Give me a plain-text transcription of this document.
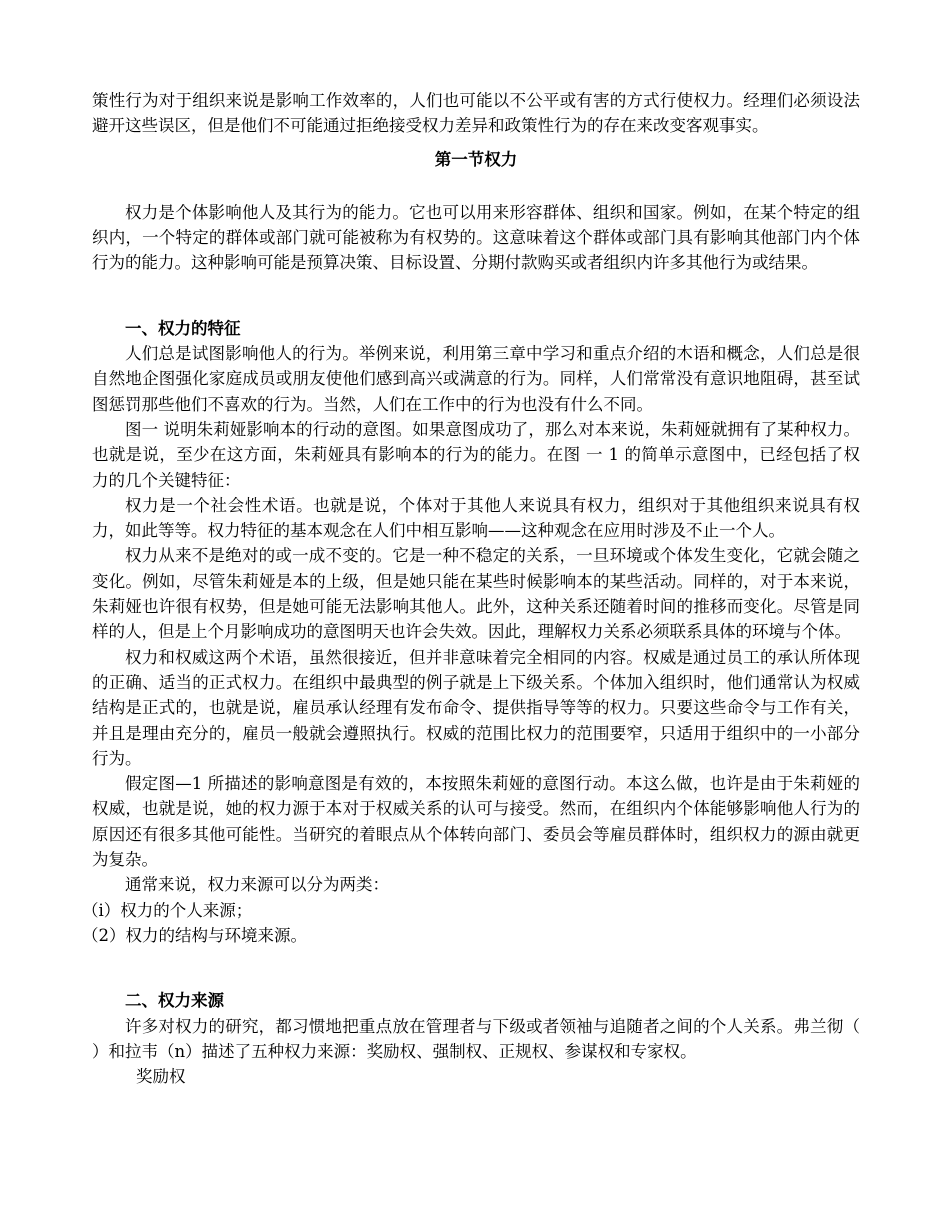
策性行为对于组织来说是影响工作效率的，人们也可能以不公平或有害的方式行使权力。经理们必须设法避开这些误区，但是他们不可能通过拒绝接受权力差异和政策性行为的存在来改变客观事实。

第一节权力

权力是个体影响他人及其行为的能力。它也可以用来形容群体、组织和国家。例如，在某个特定的组织内，一个特定的群体或部门就可能被称为有权势的。这意味着这个群体或部门具有影响其他部门内个体行为的能力。这种影响可能是预算决策、目标设置、分期付款购买或者组织内许多其他行为或结果。

一、权力的特征

人们总是试图影响他人的行为。举例来说，利用第三章中学习和重点介绍的木语和概念，人们总是很自然地企图强化家庭成员或朋友使他们感到高兴或满意的行为。同样，人们常常没有意识地阻碍，甚至试图惩罚那些他们不喜欢的行为。当然，人们在工作中的行为也没有什么不同。

图一 说明朱莉娅影响本的行动的意图。如果意图成功了，那么对本来说，朱莉娅就拥有了某种权力。也就是说，至少在这方面，朱莉娅具有影响本的行为的能力。在图 一 1 的简单示意图中，已经包括了权力的几个关键特征：

权力是一个社会性术语。也就是说，个体对于其他人来说具有权力，组织对于其他组织来说具有权力，如此等等。权力特征的基本观念在人们中相互影响——这种观念在应用时涉及不止一个人。

权力从来不是绝对的或一成不变的。它是一种不稳定的关系，一旦环境或个体发生变化，它就会随之变化。例如，尽管朱莉娅是本的上级，但是她只能在某些时候影响本的某些活动。同样的，对于本来说，朱莉娅也许很有权势，但是她可能无法影响其他人。此外，这种关系还随着时间的推移而变化。尽管是同样的人，但是上个月影响成功的意图明天也许会失效。因此，理解权力关系必须联系具体的环境与个体。

权力和权威这两个术语，虽然很接近，但并非意味着完全相同的内容。权威是通过员工的承认所体现的正确、适当的正式权力。在组织中最典型的例子就是上下级关系。个体加入组织时，他们通常认为权威结构是正式的，也就是说，雇员承认经理有发布命令、提供指导等等的权力。只要这些命令与工作有关，并且是理由充分的，雇员一般就会遵照执行。权威的范围比权力的范围要窄，只适用于组织中的一小部分行为。

假定图—1 所描述的影响意图是有效的，本按照朱莉娅的意图行动。本这么做，也许是由于朱莉娅的权威，也就是说，她的权力源于本对于权威关系的认可与接受。然而，在组织内个体能够影响他人行为的原因还有很多其他可能性。当研究的着眼点从个体转向部门、委员会等雇员群体时，组织权力的源由就更为复杂。

通常来说，权力来源可以分为两类：

（i）权力的个人来源；

（2）权力的结构与环境来源。

二、权力来源

许多对权力的研究，都习惯地把重点放在管理者与下级或者领袖与追随者之间的个人关系。弗兰彻（ ）和拉韦（n）描述了五种权力来源：奖励权、强制权、正规权、参谋权和专家权。

奖励权
